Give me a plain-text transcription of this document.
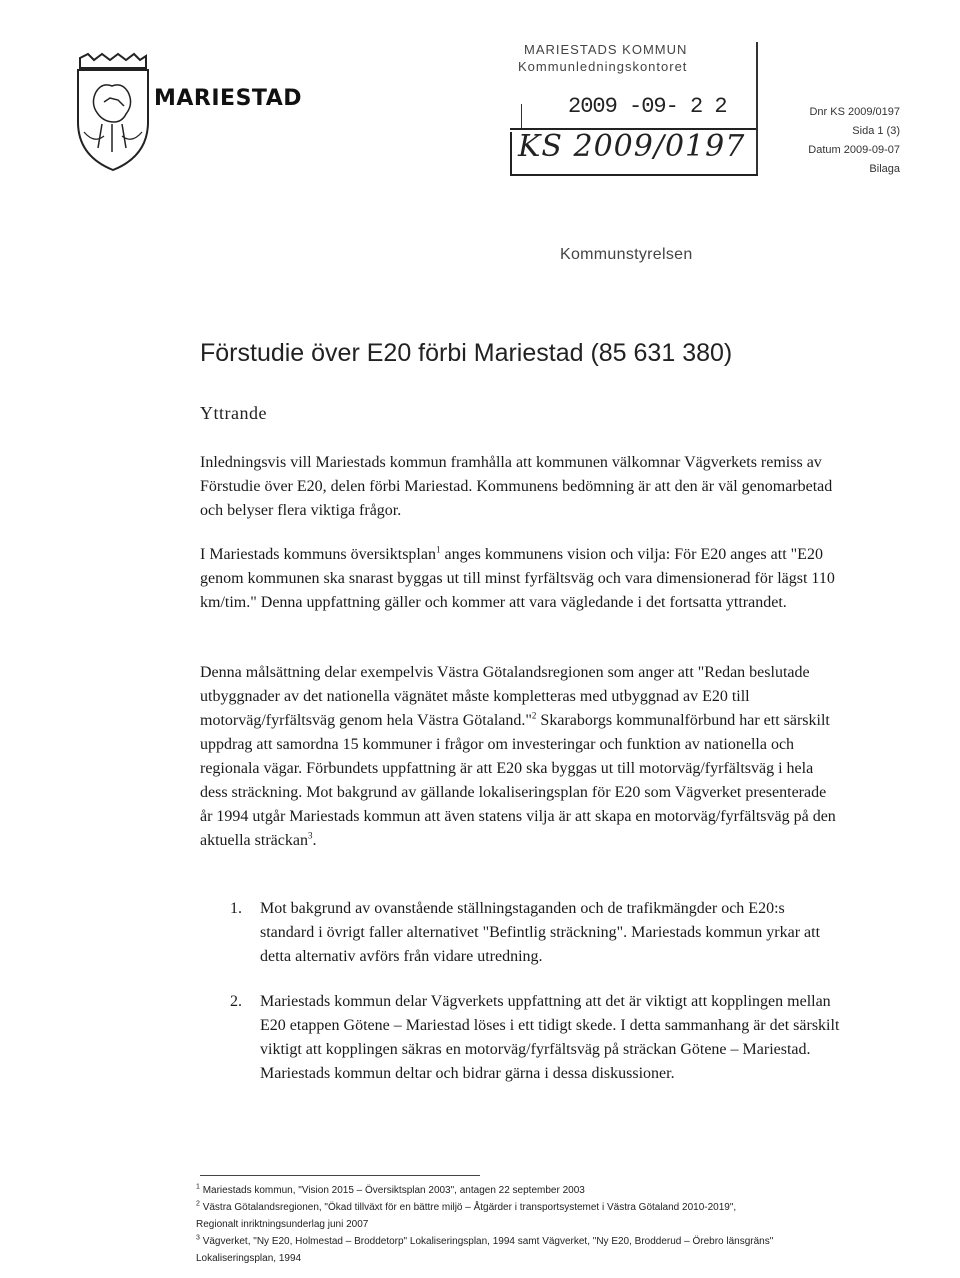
MARIESTAD
MARIESTADS KOMMUN
Kommunledningskontoret
2009 -09- 2 2
KS 2009/0197
Dnr KS 2009/0197
Sida 1 (3)
Datum 2009-09-07
Bilaga
Kommunstyrelsen
Förstudie över E20 förbi Mariestad (85 631 380)
Yttrande
Inledningsvis vill Mariestads kommun framhålla att kommunen välkomnar Vägverkets remiss av Förstudie över E20, delen förbi Mariestad. Kommunens bedömning är att den är väl genomarbetad och belyser flera viktiga frågor.
I Mariestads kommuns översiktsplan$^1$ anges kommunens vision och vilja: För E20 anges att "E20 genom kommunen ska snarast byggas ut till minst fyrfältsväg och vara dimensionerad för lägst 110 km/tim." Denna uppfattning gäller och kommer att vara vägledande i det fortsatta yttrandet.
Denna målsättning delar exempelvis Västra Götalandsregionen som anger att "Redan beslutade utbyggnader av det nationella vägnätet måste kompletteras med utbyggnad av E20 till motorväg/fyrfältsväg genom hela Västra Götaland."$^2$ Skaraborgs kommunalförbund har ett särskilt uppdrag att samordna 15 kommuner i frågor om investeringar och funktion av nationella och regionala vägar. Förbundets uppfattning är att E20 ska byggas ut till motorväg/fyrfältsväg i hela dess sträckning. Mot bakgrund av gällande lokaliseringsplan för E20 som Vägverket presenterade år 1994 utgår Mariestads kommun att även statens vilja är att skapa en motorväg/fyrfältsväg på den aktuella sträckan$^3$.
1.	Mot bakgrund av ovanstående ställningstaganden och de trafikmängder och E20:s standard i övrigt faller alternativet "Befintlig sträckning". Mariestads kommun yrkar att detta alternativ avförs från vidare utredning.
2.	Mariestads kommun delar Vägverkets uppfattning att det är viktigt att kopplingen mellan E20 etappen Götene – Mariestad löses i ett tidigt skede. I detta sammanhang är det särskilt viktigt att kopplingen säkras en motorväg/fyrfältsväg på sträckan Götene – Mariestad. Mariestads kommun deltar och bidrar gärna i dessa diskussioner.
$^1$ Mariestads kommun, "Vision 2015 – Översiktsplan 2003", antagen 22 september 2003
$^2$ Västra Götalandsregionen, "Ökad tillväxt för en bättre miljö – Åtgärder i transportsystemet i Västra Götaland 2010-2019",
Regionalt inriktningsunderlag juni 2007
$^3$ Vägverket, "Ny E20, Holmestad – Broddetorp" Lokaliseringsplan, 1994 samt Vägverket, "Ny E20, Brodderud – Örebro länsgräns"
Lokaliseringsplan, 1994
